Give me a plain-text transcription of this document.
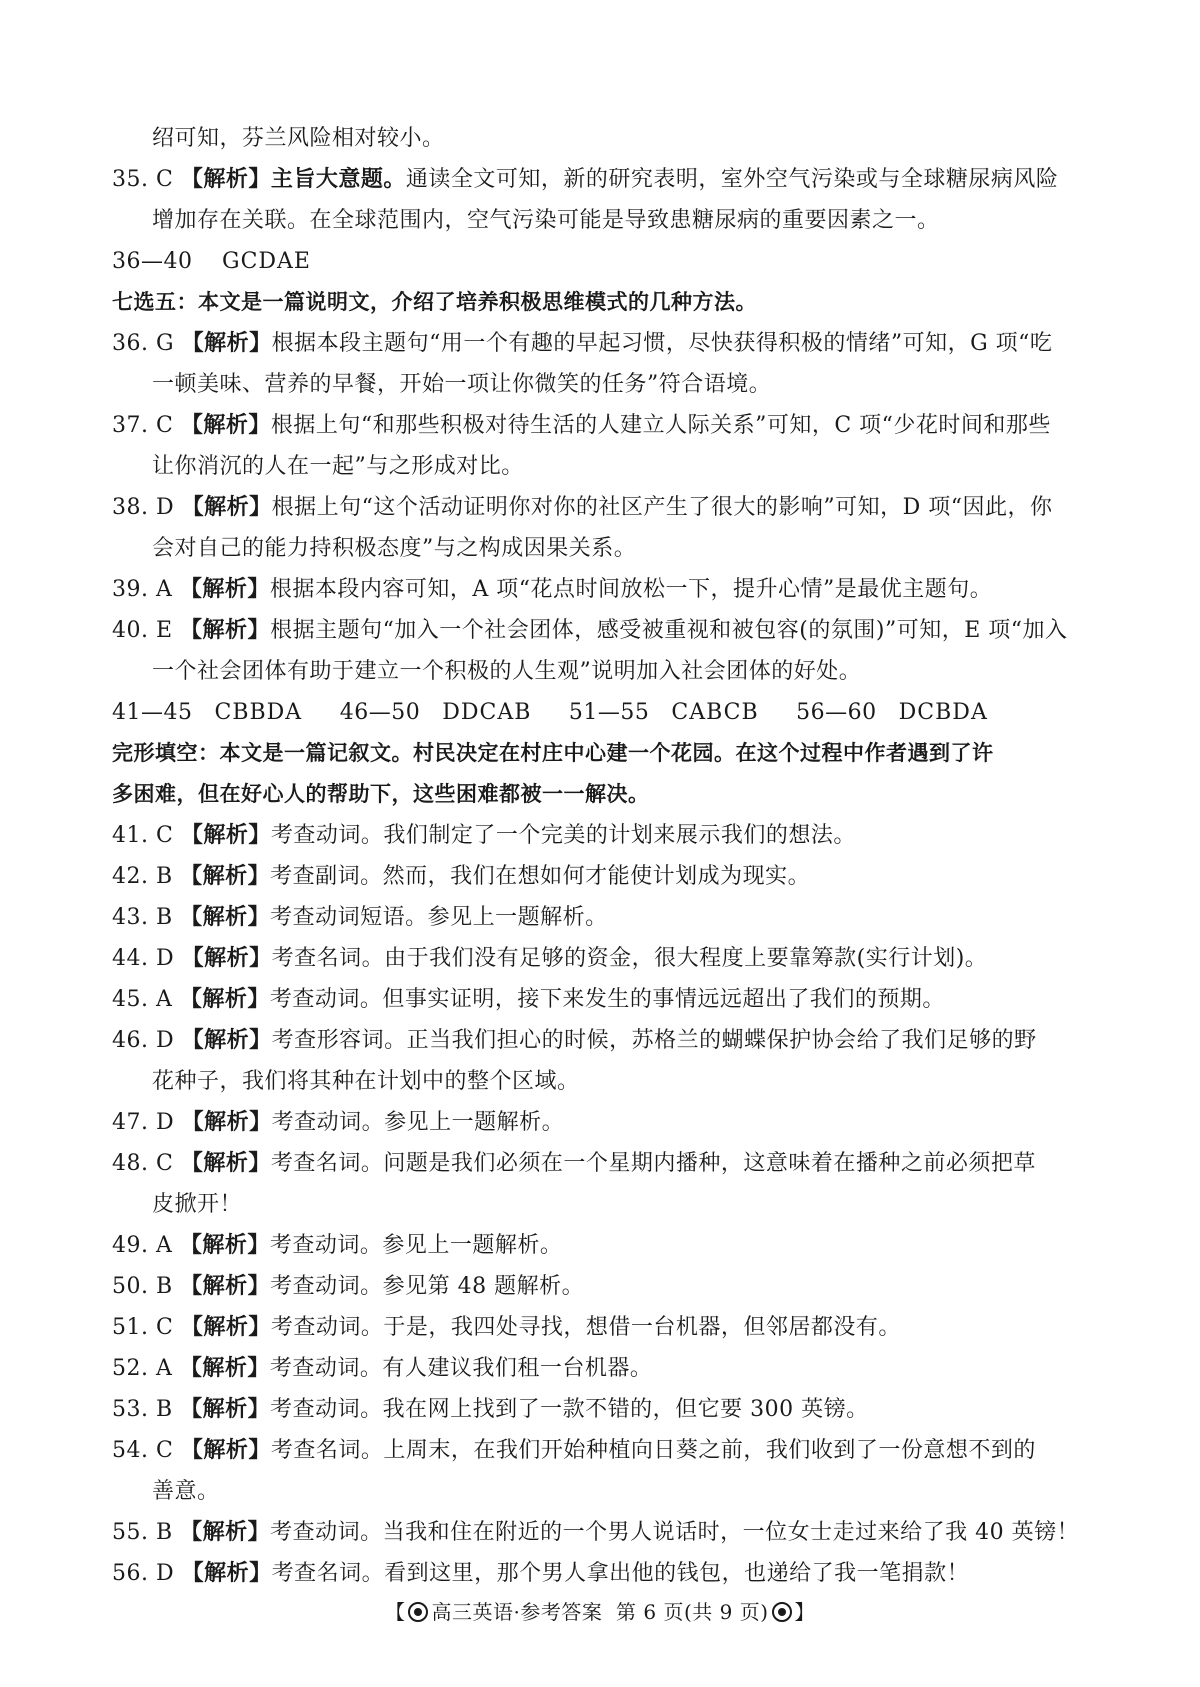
绍可知，芬兰风险相对较小。
35. C 【解析】主旨大意题。通读全文可知，新的研究表明，室外空气污染或与全球糖尿病风险
增加存在关联。在全球范围内，空气污染可能是导致患糖尿病的重要因素之一。
36—40 GCDAE
七选五：本文是一篇说明文，介绍了培养积极思维模式的几种方法。
36. G 【解析】根据本段主题句“用一个有趣的早起习惯，尽快获得积极的情绪”可知，G 项“吃
一顿美味、营养的早餐，开始一项让你微笑的任务”符合语境。
37. C 【解析】根据上句“和那些积极对待生活的人建立人际关系”可知，C 项“少花时间和那些
让你消沉的人在一起”与之形成对比。
38. D 【解析】根据上句“这个活动证明你对你的社区产生了很大的影响”可知，D 项“因此，你
会对自己的能力持积极态度”与之构成因果关系。
39. A 【解析】根据本段内容可知，A 项“花点时间放松一下，提升心情”是最优主题句。
40. E 【解析】根据主题句“加入一个社会团体，感受被重视和被包容(的氛围)”可知，E 项“加入
一个社会团体有助于建立一个积极的人生观”说明加入社会团体的好处。
41—45 CBBDA 46—50 DDCAB 51—55 CABCB 56—60 DCBDA
完形填空：本文是一篇记叙文。村民决定在村庄中心建一个花园。在这个过程中作者遇到了许
多困难，但在好心人的帮助下，这些困难都被一一解决。
41. C 【解析】考查动词。我们制定了一个完美的计划来展示我们的想法。
42. B 【解析】考查副词。然而，我们在想如何才能使计划成为现实。
43. B 【解析】考查动词短语。参见上一题解析。
44. D 【解析】考查名词。由于我们没有足够的资金，很大程度上要靠筹款(实行计划)。
45. A 【解析】考查动词。但事实证明，接下来发生的事情远远超出了我们的预期。
46. D 【解析】考查形容词。正当我们担心的时候，苏格兰的蝴蝶保护协会给了我们足够的野
花种子，我们将其种在计划中的整个区域。
47. D 【解析】考查动词。参见上一题解析。
48. C 【解析】考查名词。问题是我们必须在一个星期内播种，这意味着在播种之前必须把草
皮掀开！
49. A 【解析】考查动词。参见上一题解析。
50. B 【解析】考查动词。参见第 48 题解析。
51. C 【解析】考查动词。于是，我四处寻找，想借一台机器，但邻居都没有。
52. A 【解析】考查动词。有人建议我们租一台机器。
53. B 【解析】考查动词。我在网上找到了一款不错的，但它要 300 英镑。
54. C 【解析】考查名词。上周末，在我们开始种植向日葵之前，我们收到了一份意想不到的
善意。
55. B 【解析】考查动词。当我和住在附近的一个男人说话时，一位女士走过来给了我 40 英镑！
56. D 【解析】考查名词。看到这里，那个男人拿出他的钱包，也递给了我一笔捐款！
【 高三英语·参考答案 第 6 页(共 9 页) 】
